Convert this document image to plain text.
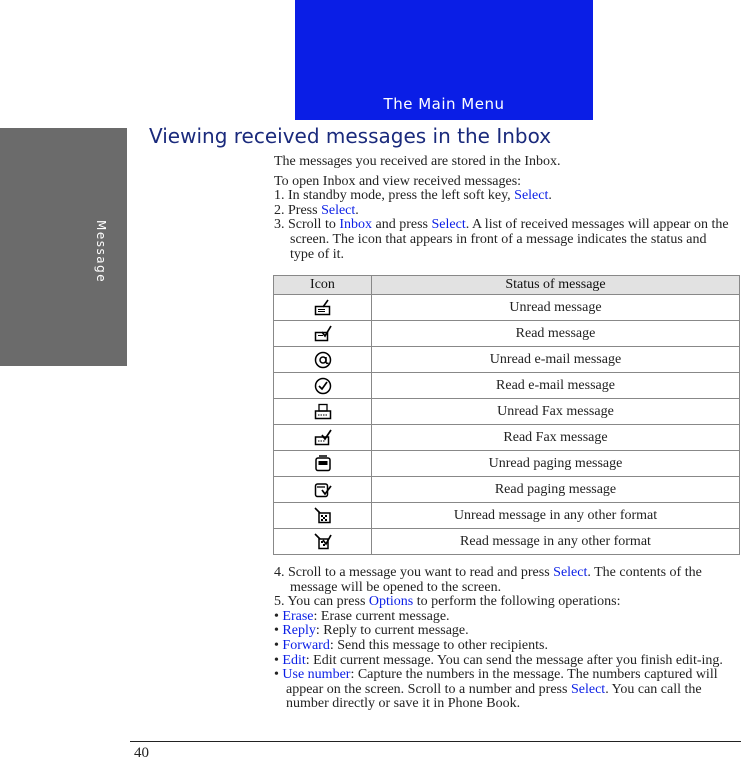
The Main Menu
Message
Viewing received messages in the Inbox

The messages you received are stored in the Inbox.

To open Inbox and view received messages:

1. In standby mode, press the left soft key, Select.

2. Press Select.

3. Scroll to Inbox and press Select. A list of received messages will appear on the screen. The icon that appears in front of a message indicates the status and type of it.

Icon	Status of message
	Unread message
	Read message
	Unread e-mail message
	Read e-mail message
	Unread Fax message
	Read Fax message
	Unread paging message
	Read paging message
	Unread message in any other format
	Read message in any other format

4. Scroll to a message you want to read and press Select. The contents of the message will be opened to the screen.

5. You can press Options to perform the following operations:

• Erase: Erase current message.

• Reply: Reply to current message.

• Forward: Send this message to other recipients.

• Edit: Edit current message. You can send the message after you finish edit-ing.

• Use number: Capture the numbers in the message. The numbers captured will appear on the screen. Scroll to a number and press Select. You can call the number directly or save it in Phone Book.

40
